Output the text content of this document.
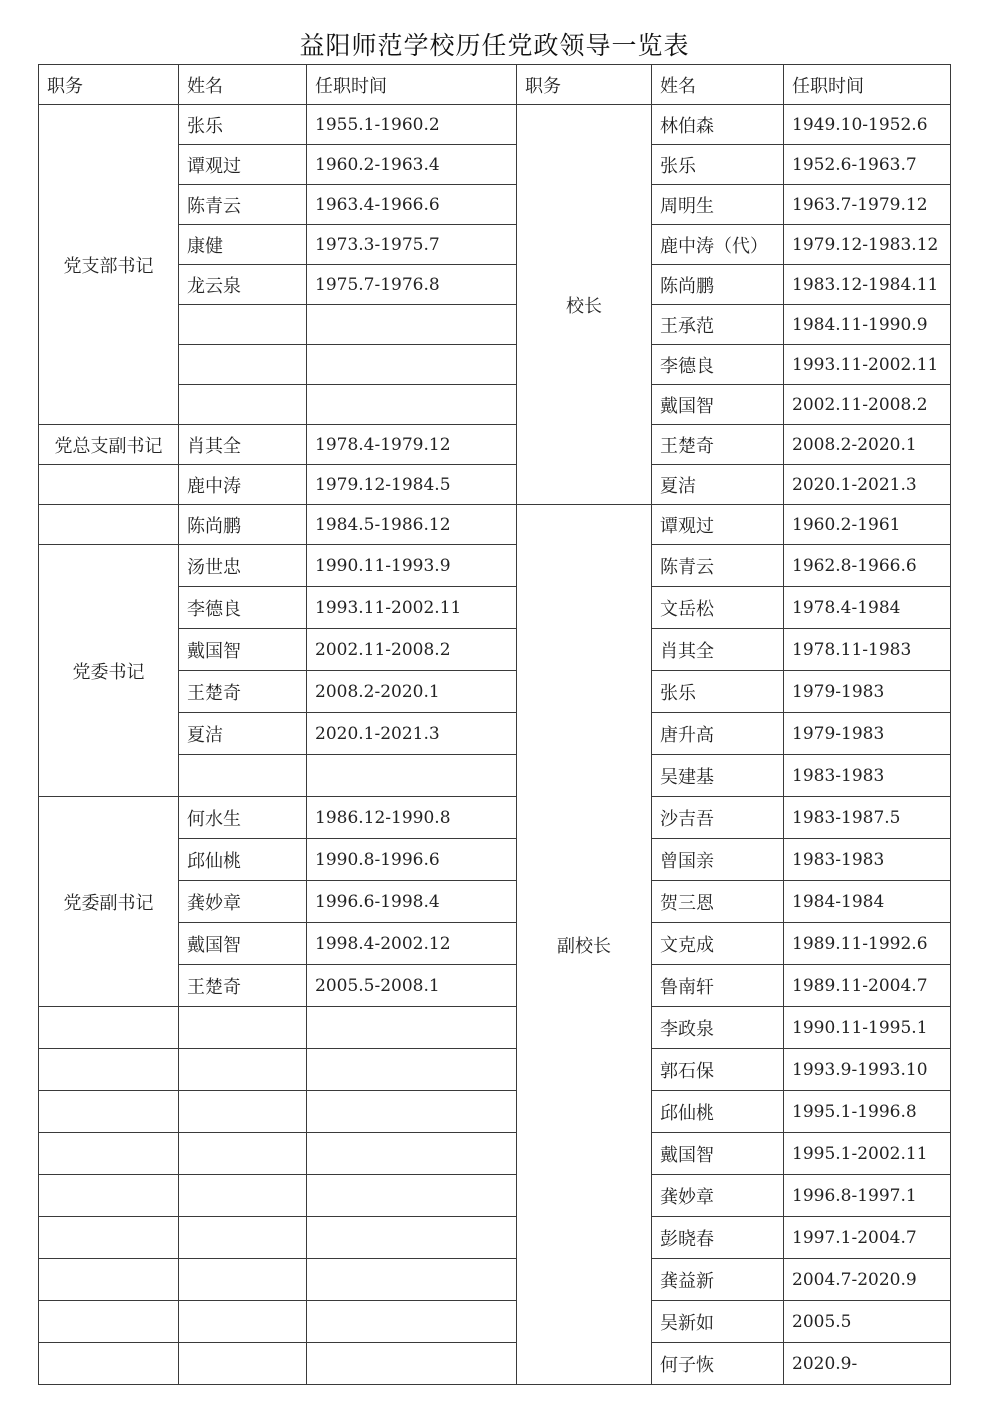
益阳师范学校历任党政领导一览表
职务	姓名	任职时间	职务	姓名	任职时间
党支部书记	张乐	1955.1-1960.2	校长	林伯森	1949.10-1952.6
	谭观过	1960.2-1963.4		张乐	1952.6-1963.7
	陈青云	1963.4-1966.6		周明生	1963.7-1979.12
	康健	1973.3-1975.7		鹿中涛（代）	1979.12-1983.12
	龙云泉	1975.7-1976.8		陈尚鹏	1983.12-1984.11
				王承范	1984.11-1990.9
				李德良	1993.11-2002.11
				戴国智	2002.11-2008.2
党总支副书记	肖其全	1978.4-1979.12		王楚奇	2008.2-2020.1
	鹿中涛	1979.12-1984.5		夏洁	2020.1-2021.3
	陈尚鹏	1984.5-1986.12	副校长	谭观过	1960.2-1961
党委书记	汤世忠	1990.11-1993.9		陈青云	1962.8-1966.6
	李德良	1993.11-2002.11		文岳松	1978.4-1984
	戴国智	2002.11-2008.2		肖其全	1978.11-1983
	王楚奇	2008.2-2020.1		张乐	1979-1983
	夏洁	2020.1-2021.3		唐升高	1979-1983
				吴建基	1983-1983
党委副书记	何水生	1986.12-1990.8		沙吉吾	1983-1987.5
	邱仙桃	1990.8-1996.6		曾国亲	1983-1983
	龚妙章	1996.6-1998.4		贺三恩	1984-1984
	戴国智	1998.4-2002.12		文克成	1989.11-1992.6
	王楚奇	2005.5-2008.1		鲁南轩	1989.11-2004.7
				李政泉	1990.11-1995.1
				郭石保	1993.9-1993.10
				邱仙桃	1995.1-1996.8
				戴国智	1995.1-2002.11
				龚妙章	1996.8-1997.1
				彭晓春	1997.1-2004.7
				龚益新	2004.7-2020.9
				吴新如	2005.5
				何子恢	2020.9-
